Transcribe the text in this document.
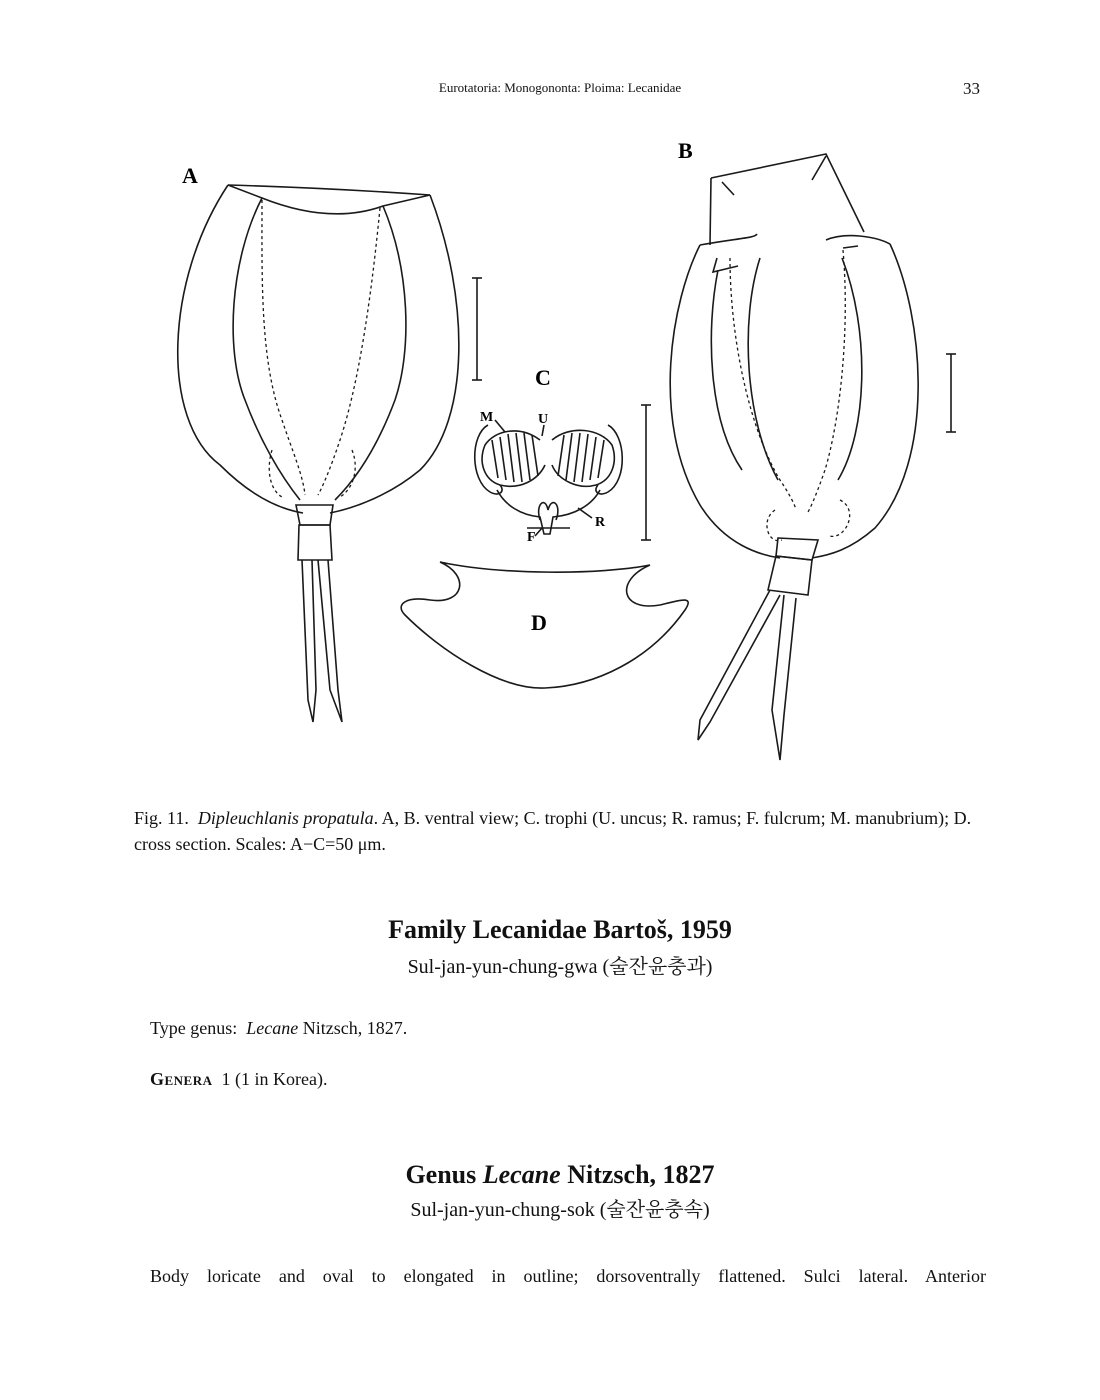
Eurotatoria: Monogononta: Ploima: Lecanidae	33
A
B
C
D
M	U
F
R
Fig. 11. Dipleuchlanis propatula. A, B. ventral view; C. trophi (U. uncus; R. ramus; F. fulcrum; M. manubrium); D. cross section. Scales: A−C=50 μm.
Family Lecanidae Bartoš, 1959
Sul-jan-yun-chung-gwa (술잔윤충과)
Type genus: Lecane Nitzsch, 1827.
Genera 1 (1 in Korea).
Genus Lecane Nitzsch, 1827
Sul-jan-yun-chung-sok (술잔윤충속)
Body loricate and oval to elongated in outline; dorsoventrally flattened. Sulci lateral. Anterior
